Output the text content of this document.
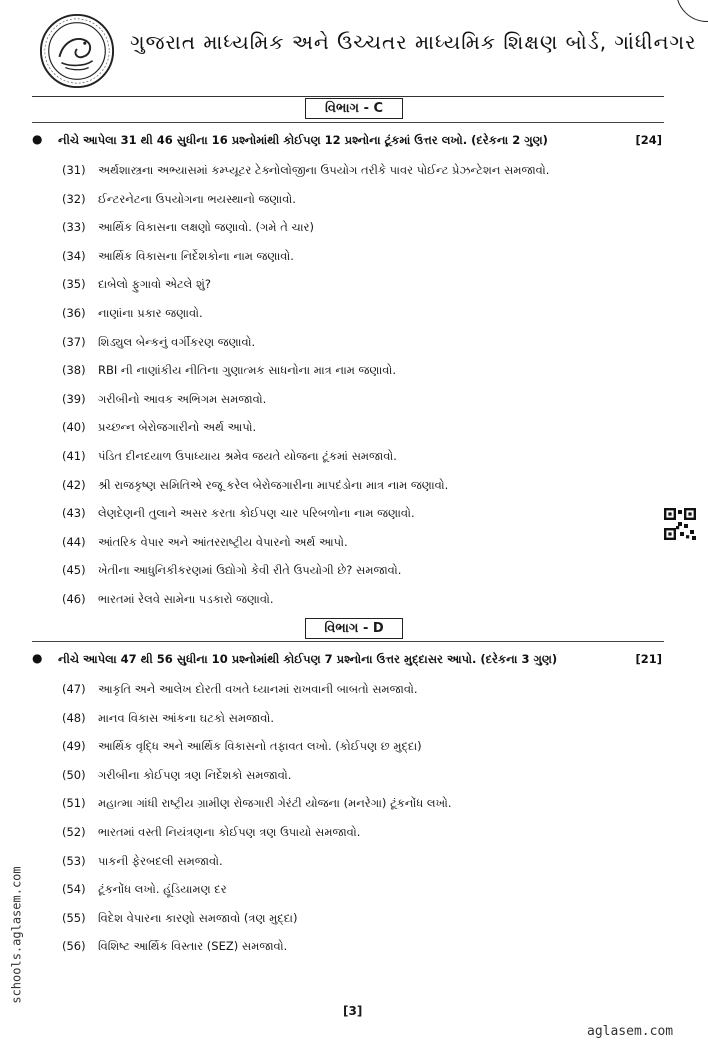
ગુજરાત માધ્યમિક અને ઉચ્ચતર માધ્યમિક શિક્ષણ બોર્ડ, ગાંધીનગર
વિભાગ - C
● નીચે આપેલા 31 થી 46 સુધીના 16 પ્રશ્નોમાંથી કોઈપણ 12 પ્રશ્નોના ટૂંકમાં ઉત્તર લખો. (દરેકના 2 ગુણ)	[24]
(31) અર્થશાસ્ત્રના અભ્યાસમાં કમ્પ્યૂટર ટેક્નોલોજીના ઉપયોગ તરીકે પાવર પોઈન્ટ પ્રેઝન્ટેશન સમજાવો.
(32) ઈન્ટરનેટના ઉપયોગના ભયસ્થાનો જણાવો.
(33) આર્થિક વિકાસના લક્ષણો જણાવો. (ગમે તે ચાર)
(34) આર્થિક વિકાસના નિર્દેશકોના નામ જણાવો.
(35) દાબેલો ફુગાવો એટલે શું?
(36) નાણાંના પ્રકાર જણાવો.
(37) શિડ્યુલ બેન્કનું વર્ગીકરણ જણાવો.
(38) RBI ની નાણાંકીય નીતિના ગુણાત્મક સાધનોના માત્ર નામ જણાવો.
(39) ગરીબીનો આવક અભિગમ સમજાવો.
(40) પ્રચ્છન્ન બેરોજગારીનો અર્થ આપો.
(41) પંડિત દીનદયાળ ઉપાધ્યાય શ્રમેવ જયતે યોજના ટૂંકમાં સમજાવો.
(42) શ્રી રાજકૃષ્ણ સમિતિએ રજૂ કરેલ બેરોજગારીના માપદંડોના માત્ર નામ જણાવો.
(43) લેણદેણની તુલાને અસર કરતા કોઈપણ ચાર પરિબળોના નામ જણાવો.
(44) આંતરિક વેપાર અને આંતરરાષ્ટ્રીય વેપારનો અર્થ આપો.
(45) ખેતીના આધુનિકીકરણમાં ઉદ્યોગો કેવી રીતે ઉપયોગી છે? સમજાવો.
(46) ભારતમાં રેલવે સામેના પડકારો જણાવો.
વિભાગ - D
● નીચે આપેલા 47 થી 56 સુધીના 10 પ્રશ્નોમાંથી કોઈપણ 7 પ્રશ્નોના ઉત્તર મુદ્દાસર આપો. (દરેકના 3 ગુણ)	[21]
(47) આકૃતિ અને આલેખ દોરતી વખતે ધ્યાનમાં રાખવાની બાબતો સમજાવો.
(48) માનવ વિકાસ આંકના ઘટકો સમજાવો.
(49) આર્થિક વૃદ્ધિ અને આર્થિક વિકાસનો તફાવત લખો. (કોઈપણ છ મુદ્દા)
(50) ગરીબીના કોઈપણ ત્રણ નિર્દેશકો સમજાવો.
(51) મહાત્મા ગાંધી રાષ્ટ્રીય ગ્રામીણ રોજગારી ગેરંટી યોજના (મનરેગા) ટૂંકનોંધ લખો.
(52) ભારતમાં વસ્તી નિયંત્રણના કોઈપણ ત્રણ ઉપાયો સમજાવો.
(53) પાકની ફેરબદલી સમજાવો.
(54) ટૂંકનોંધ લખો. હૂંડિયામણ દર
(55) વિદેશ વેપારના કારણો સમજાવો (ત્રણ મુદ્દા)
(56) વિશિષ્ટ આર્થિક વિસ્તાર (SEZ) સમજાવો.
[3]
aglasem.com
schools.aglasem.com
